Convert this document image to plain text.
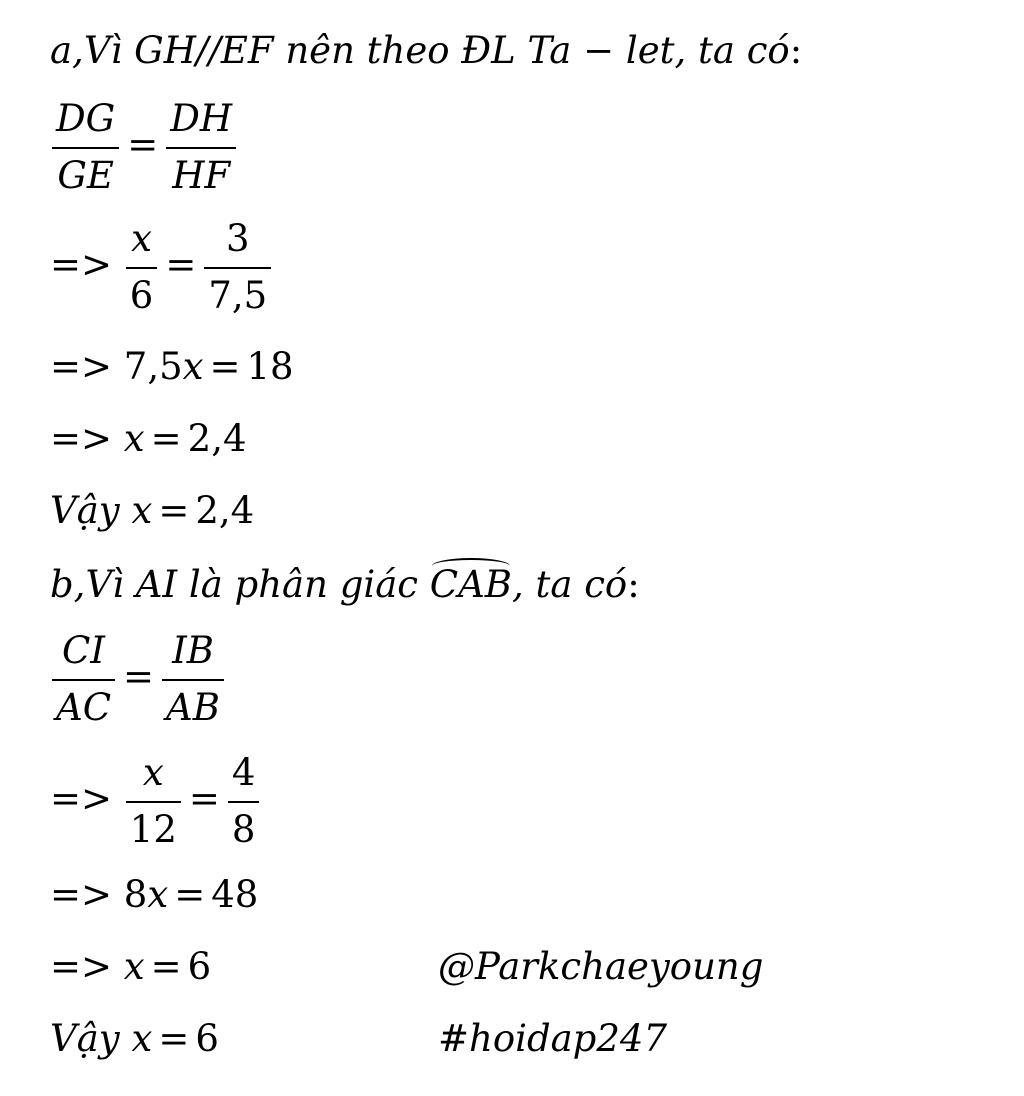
a,Vì GH//EF nên theo ĐL Ta − let, ta có:
$\frac{DG}{GE} = \frac{DH}{HF}$
=> $\frac{x}{6} = \frac{3}{7,5}$
=> 7,5x = 18
=> x = 2,4
Vậy x = 2,4
b,Vì AI là phân giác CAB, ta có:
$\frac{CI}{AC} = \frac{IB}{AB}$
=> $\frac{x}{12} = \frac{4}{8}$
=> 8x = 48
=> x = 6
Vậy x = 6
@Parkchaeyoung
#hoidap247
